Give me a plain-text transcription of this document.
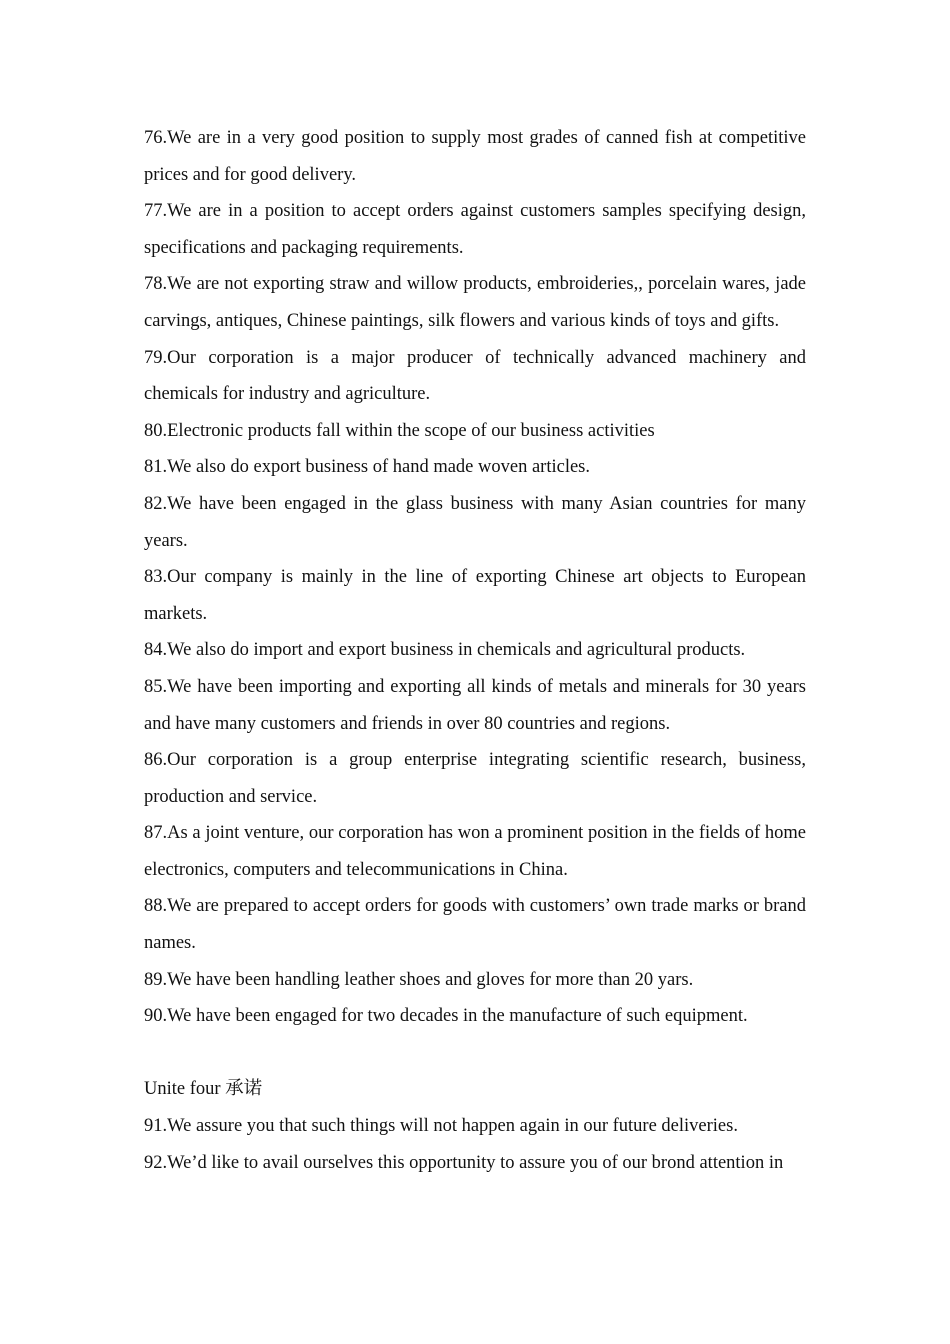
76.We are in a very good position to supply most grades of canned fish at competitive prices and for good delivery.

77.We are in a position to accept orders against customers samples specifying design, specifications and packaging requirements.

78.We are not exporting straw and willow products, embroideries,, porcelain wares, jade carvings, antiques, Chinese paintings, silk flowers and various kinds of toys and gifts.

79.Our corporation is a major producer of technically advanced machinery and chemicals for industry and agriculture.

80.Electronic products fall within the scope of our business activities

81.We also do export business of hand made woven articles.

82.We have been engaged in the glass business with many Asian countries for many years.

83.Our company is mainly in the line of exporting Chinese art objects to European markets.

84.We also do import and export business in chemicals and agricultural products.

85.We have been importing and exporting all kinds of metals and minerals for 30 years and have many customers and friends in over 80 countries and regions.

86.Our corporation is a group enterprise integrating scientific research, business, production and service.

87.As a joint venture, our corporation has won a prominent position in the fields of home electronics, computers and telecommunications in China.

88.We are prepared to accept orders for goods with customers’ own trade marks or brand names.

89.We have been handling leather shoes and gloves for more than 20 yars.

90.We have been engaged for two decades in the manufacture of such equipment.

Unite four 承诺

91.We assure you that such things will not happen again in our future deliveries.

92.We’d like to avail ourselves this opportunity to assure you of our brond attention in
